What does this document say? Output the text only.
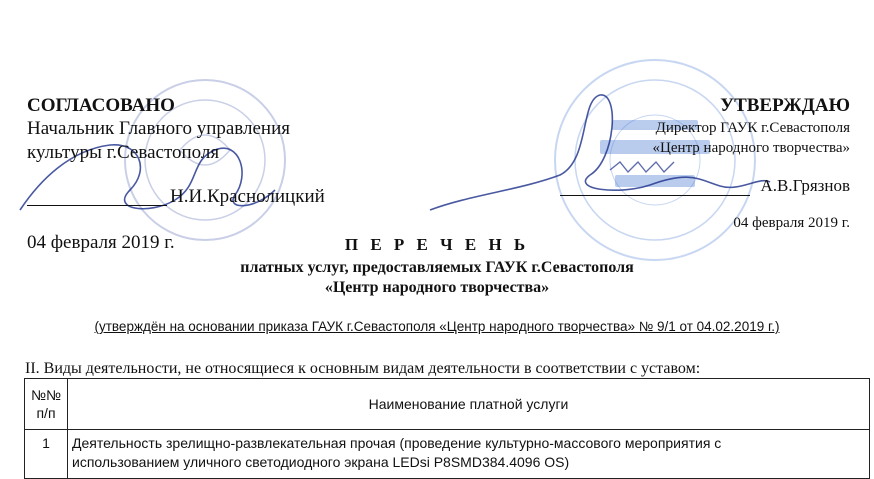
СОГЛАСОВАНО
Начальник Главного управления
культуры г.Севастополя
Н.И.Краснолицкий
04 февраля 2019 г.
УТВЕРЖДАЮ
Директор ГАУК г.Севастополя
«Центр народного творчества»
А.В.Грязнов
04 февраля 2019 г.
П Е Р Е Ч Е Н Ь
платных услуг, предоставляемых ГАУК г.Севастополя
«Центр народного творчества»
(утверждён на основании приказа ГАУК г.Севастополя «Центр народного творчества» № 9/1 от 04.02.2019 г.)
II. Виды деятельности, не относящиеся к основным видам деятельности в соответствии с уставом:
№№
п/п	Наименование платной услуги
1	Деятельность зрелищно-развлекательная прочая (проведение культурно-массового мероприятия с
использованием уличного светодиодного экрана LEDsi P8SMD384.4096 OS)
